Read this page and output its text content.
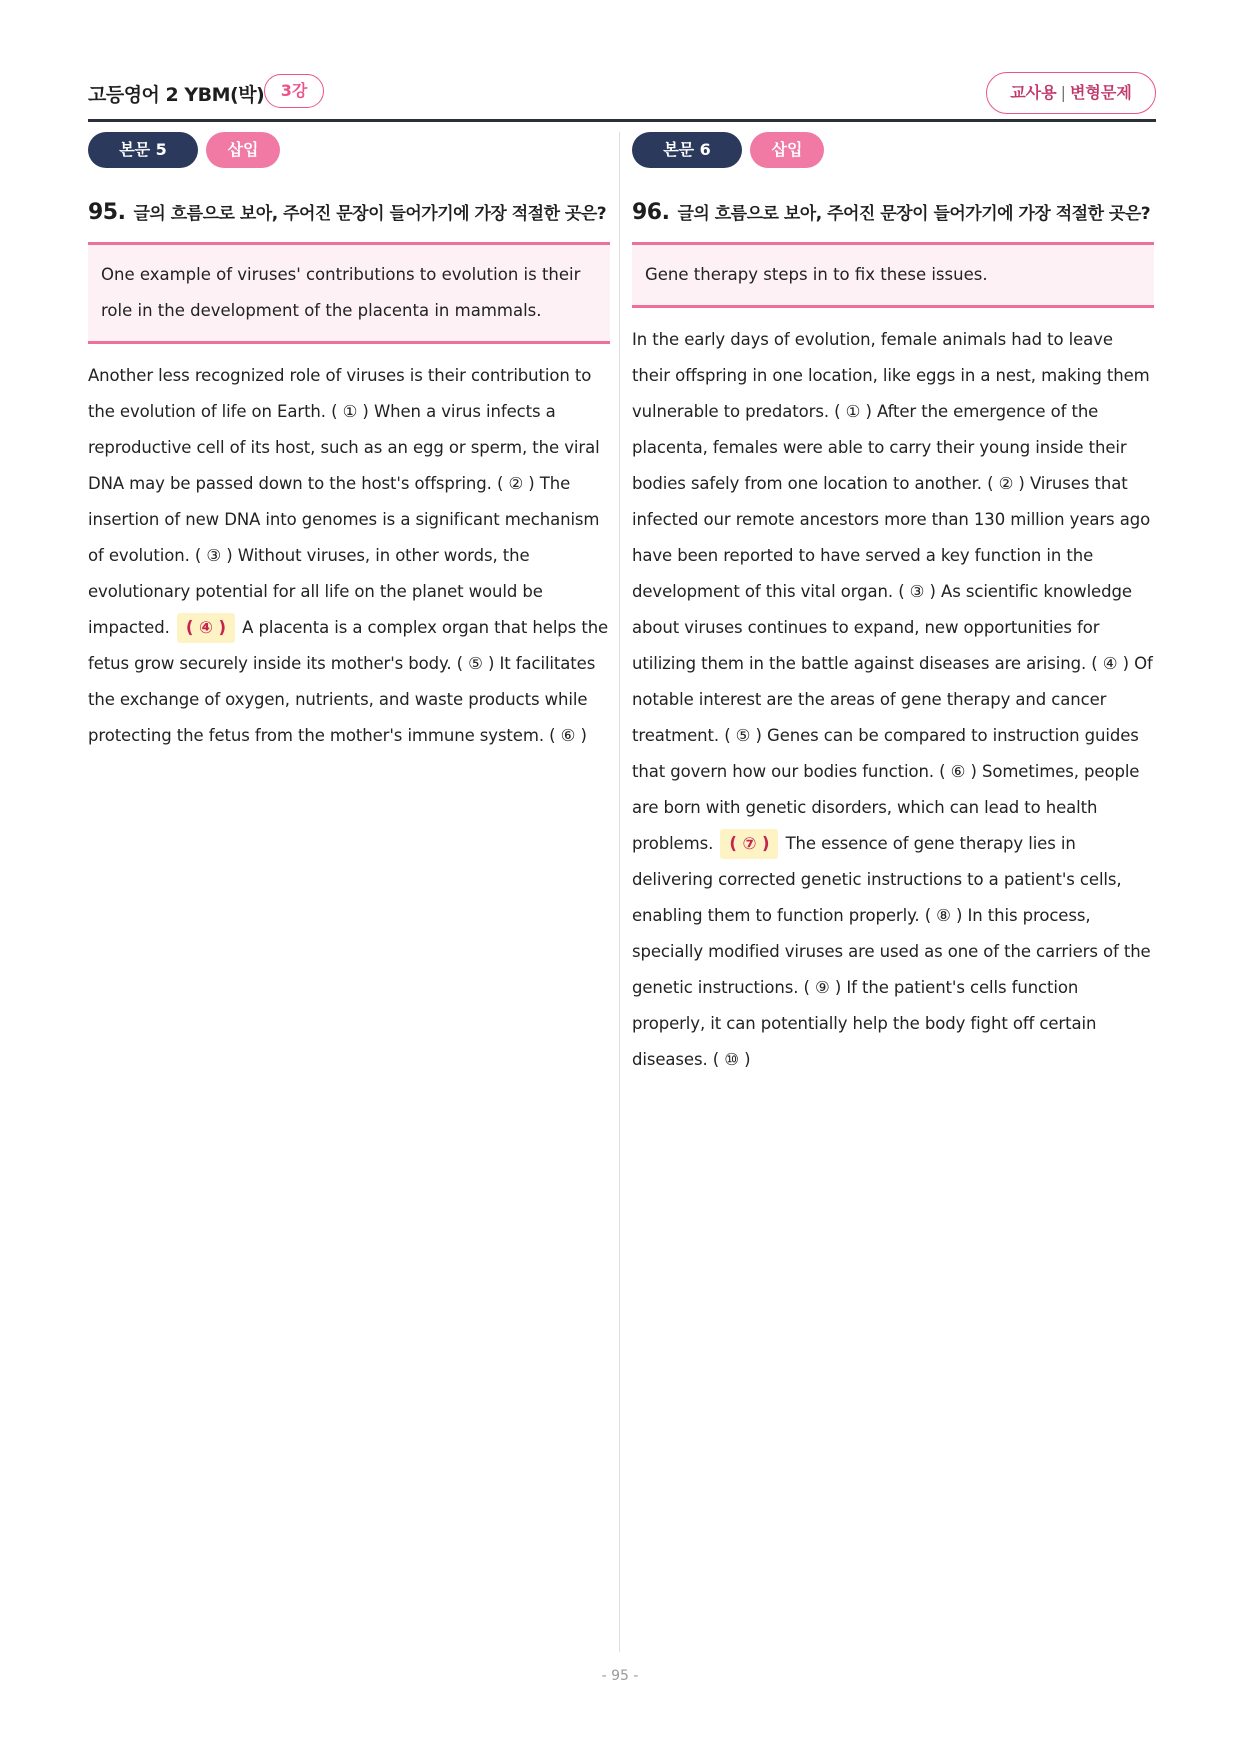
고등영어 2 YBM(박)	3강	교사용 | 변형문제
본문 5	삽입
95. 글의 흐름으로 보아, 주어진 문장이 들어가기에 가장 적절한 곳은?
One example of viruses' contributions to evolution is their role in the development of the placenta in mammals.
Another less recognized role of viruses is their contribution to the evolution of life on Earth. ( ① ) When a virus infects a reproductive cell of its host, such as an egg or sperm, the viral DNA may be passed down to the host's offspring. ( ② ) The insertion of new DNA into genomes is a significant mechanism of evolution. ( ③ ) Without viruses, in other words, the evolutionary potential for all life on the planet would be impacted. ( ④ ) A placenta is a complex organ that helps the fetus grow securely inside its mother's body. ( ⑤ ) It facilitates the exchange of oxygen, nutrients, and waste products while protecting the fetus from the mother's immune system. ( ⑥ )
본문 6	삽입
96. 글의 흐름으로 보아, 주어진 문장이 들어가기에 가장 적절한 곳은?
Gene therapy steps in to fix these issues.
In the early days of evolution, female animals had to leave their offspring in one location, like eggs in a nest, making them vulnerable to predators. ( ① ) After the emergence of the placenta, females were able to carry their young inside their bodies safely from one location to another. ( ② ) Viruses that infected our remote ancestors more than 130 million years ago have been reported to have served a key function in the development of this vital organ. ( ③ ) As scientific knowledge about viruses continues to expand, new opportunities for utilizing them in the battle against diseases are arising. ( ④ ) Of notable interest are the areas of gene therapy and cancer treatment. ( ⑤ ) Genes can be compared to instruction guides that govern how our bodies function. ( ⑥ ) Sometimes, people are born with genetic disorders, which can lead to health problems. ( ⑦ ) The essence of gene therapy lies in delivering corrected genetic instructions to a patient's cells, enabling them to function properly. ( ⑧ ) In this process, specially modified viruses are used as one of the carriers of the genetic instructions. ( ⑨ ) If the patient's cells function properly, it can potentially help the body fight off certain diseases. ( ⑩ )
- 95 -
